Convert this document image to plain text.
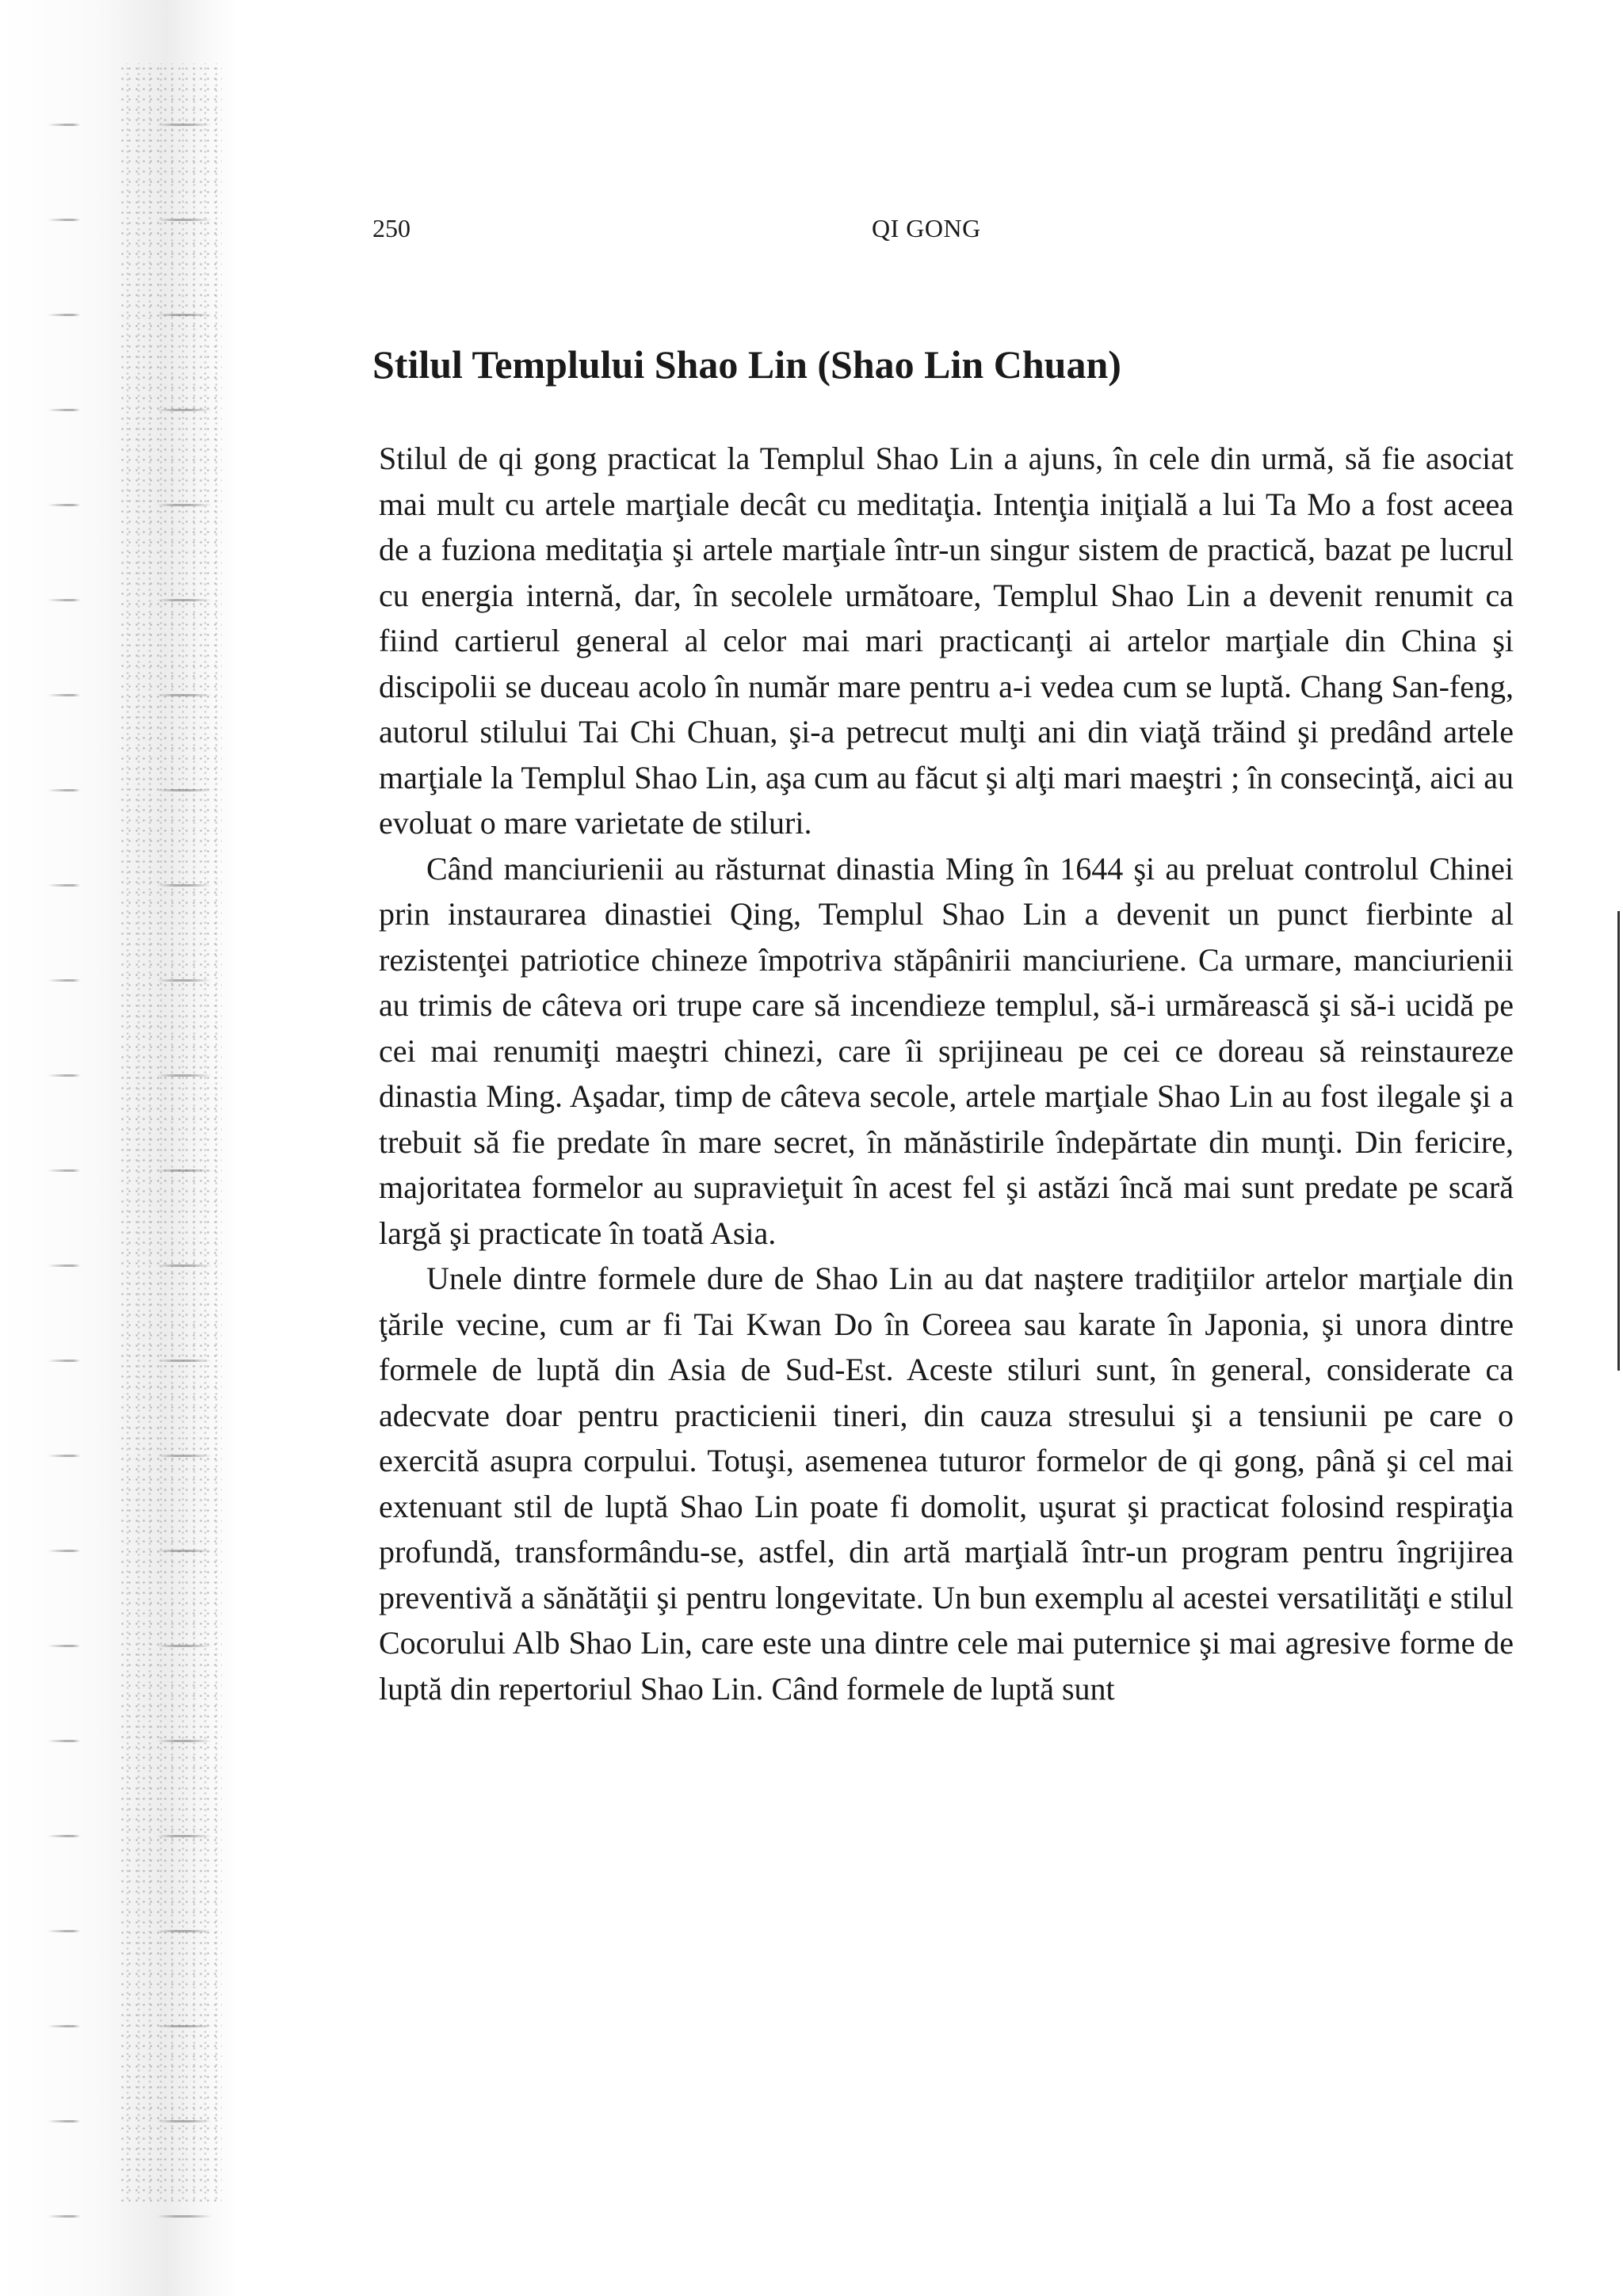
250	QI GONG
Stilul Templului Shao Lin (Shao Lin Chuan)

Stilul de qi gong practicat la Templul Shao Lin a ajuns, în cele din urmă, să fie asociat mai mult cu artele marţiale decât cu meditaţia. Intenţia iniţială a lui Ta Mo a fost aceea de a fuziona meditaţia şi artele marţiale într-un singur sistem de practică, bazat pe lucrul cu energia internă, dar, în secolele următoare, Templul Shao Lin a devenit renumit ca fiind cartierul general al celor mai mari practicanţi ai artelor marţiale din China şi discipolii se duceau acolo în număr mare pentru a-i vedea cum se luptă. Chang San-feng, autorul stilului Tai Chi Chuan, şi-a petrecut mulţi ani din viaţă trăind şi predând artele marţiale la Templul Shao Lin, aşa cum au făcut şi alţi mari maeştri ; în consecinţă, aici au evoluat o mare varietate de stiluri.

Când manciurienii au răsturnat dinastia Ming în 1644 şi au preluat controlul Chinei prin instaurarea dinastiei Qing, Templul Shao Lin a devenit un punct fierbinte al rezistenţei patriotice chineze împotriva stăpânirii manciuriene. Ca urmare, manciurienii au trimis de câteva ori trupe care să incendieze templul, să-i urmărească şi să-i ucidă pe cei mai renumiţi maeştri chinezi, care îi sprijineau pe cei ce doreau să reinstaureze dinastia Ming. Aşadar, timp de câteva secole, artele marţiale Shao Lin au fost ilegale şi a trebuit să fie predate în mare secret, în mănăstirile îndepărtate din munţi. Din fericire, majoritatea formelor au supravieţuit în acest fel şi astăzi încă mai sunt predate pe scară largă şi practicate în toată Asia.

Unele dintre formele dure de Shao Lin au dat naştere tradiţiilor artelor marţiale din ţările vecine, cum ar fi Tai Kwan Do în Coreea sau karate în Japonia, şi unora dintre formele de luptă din Asia de Sud-Est. Aceste stiluri sunt, în general, considerate ca adecvate doar pentru practicienii tineri, din cauza stresului şi a tensiunii pe care o exercită asupra corpului. Totuşi, asemenea tuturor formelor de qi gong, până şi cel mai extenuant stil de luptă Shao Lin poate fi domolit, uşurat şi practicat folosind respiraţia profundă, transformându-se, astfel, din artă marţială într-un program pentru îngrijirea preventivă a sănătăţii şi pentru longevitate. Un bun exemplu al acestei versatilităţi e stilul Cocorului Alb Shao Lin, care este una dintre cele mai puternice şi mai agresive forme de luptă din repertoriul Shao Lin. Când formele de luptă sunt
